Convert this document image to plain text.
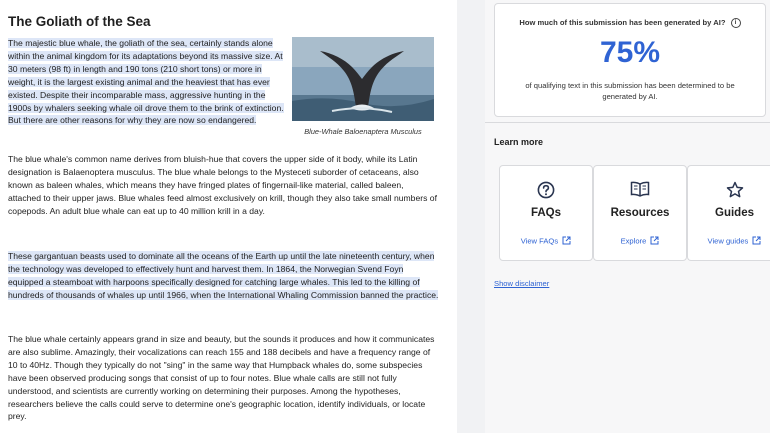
The Goliath of the Sea

The majestic blue whale, the goliath of the sea, certainly stands alone within the animal kingdom for its adaptations beyond its massive size. At 30 meters (98 ft) in length and 190 tons (210 short tons) or more in weight, it is the largest existing animal and the heaviest that has ever existed. Despite their incomparable mass, aggressive hunting in the 1900s by whalers seeking whale oil drove them to the brink of extinction. But there are other reasons for why they are now so endangered.

Blue-Whale Baloenaptera Musculus

The blue whale's common name derives from bluish-hue that covers the upper side of it body, while its Latin designation is Balaenoptera musculus. The blue whale belongs to the Mysteceti suborder of cetaceans, also known as baleen whales, which means they have fringed plates of fingernail-like material, called baleen, attached to their upper jaws. Blue whales feed almost exclusively on krill, though they also take small numbers of copepods. An adult blue whale can eat up to 40 million krill in a day.

These gargantuan beasts used to dominate all the oceans of the Earth up until the late nineteenth century, when the technology was developed to effectively hunt and harvest them. In 1864, the Norwegian Svend Foyn equipped a steamboat with harpoons specifically designed for catching large whales. This led to the killing of hundreds of thousands of whales up until 1966, when the International Whaling Commission banned the practice.

The blue whale certainly appears grand in size and beauty, but the sounds it produces and how it communicates are also sublime. Amazingly, their vocalizations can reach 155 and 188 decibels and have a frequency range of 10 to 40Hz. Though they typically do not "sing" in the same way that Humpback whales do, some subspecies have been observed producing songs that consist of up to four notes. Blue whale calls are still not fully understood, and scientists are currently working on determining their purposes. Among the hypotheses, researchers believe the calls could serve to determine one's geographic location, identify individuals, or locate prey.

How much of this submission has been generated by AI? i
75%
of qualifying text in this submission has been determined to be generated by AI.
Learn more
FAQs
View FAQs
Resources
Explore
Guides
View guides
Show disclaimer
